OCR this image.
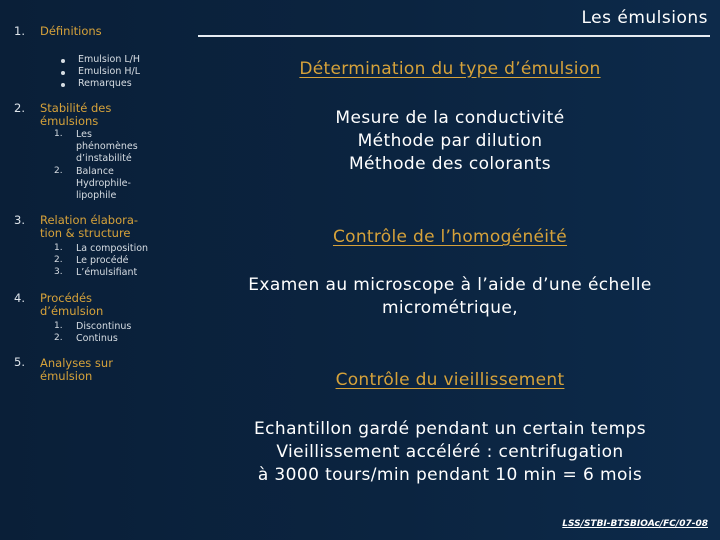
1. Définitions
Emulsion L/H
Emulsion H/L
Remarques
2. Stabilité des
émulsions
1. Les
phénomènes
d’instabilité
2. Balance
Hydrophile-
lipophile
3. Relation élabora-
tion & structure
1. La composition
2. Le procédé
3. L’émulsifiant
4. Procédés
d’émulsion
1. Discontinus
2. Continus
5. Analyses sur
émulsion
Les émulsions
Détermination du type d’émulsion
Mesure de la conductivité
Méthode par dilution
Méthode des colorants
Contrôle de l’homogénéité
Examen au microscope à l’aide d’une échelle
micrométrique,
Contrôle du vieillissement
Echantillon gardé pendant un certain temps
Vieillissement accéléré : centrifugation
à 3000 tours/min pendant 10 min = 6 mois
LSS/STBI-BTSBIOAc/FC/07-08
